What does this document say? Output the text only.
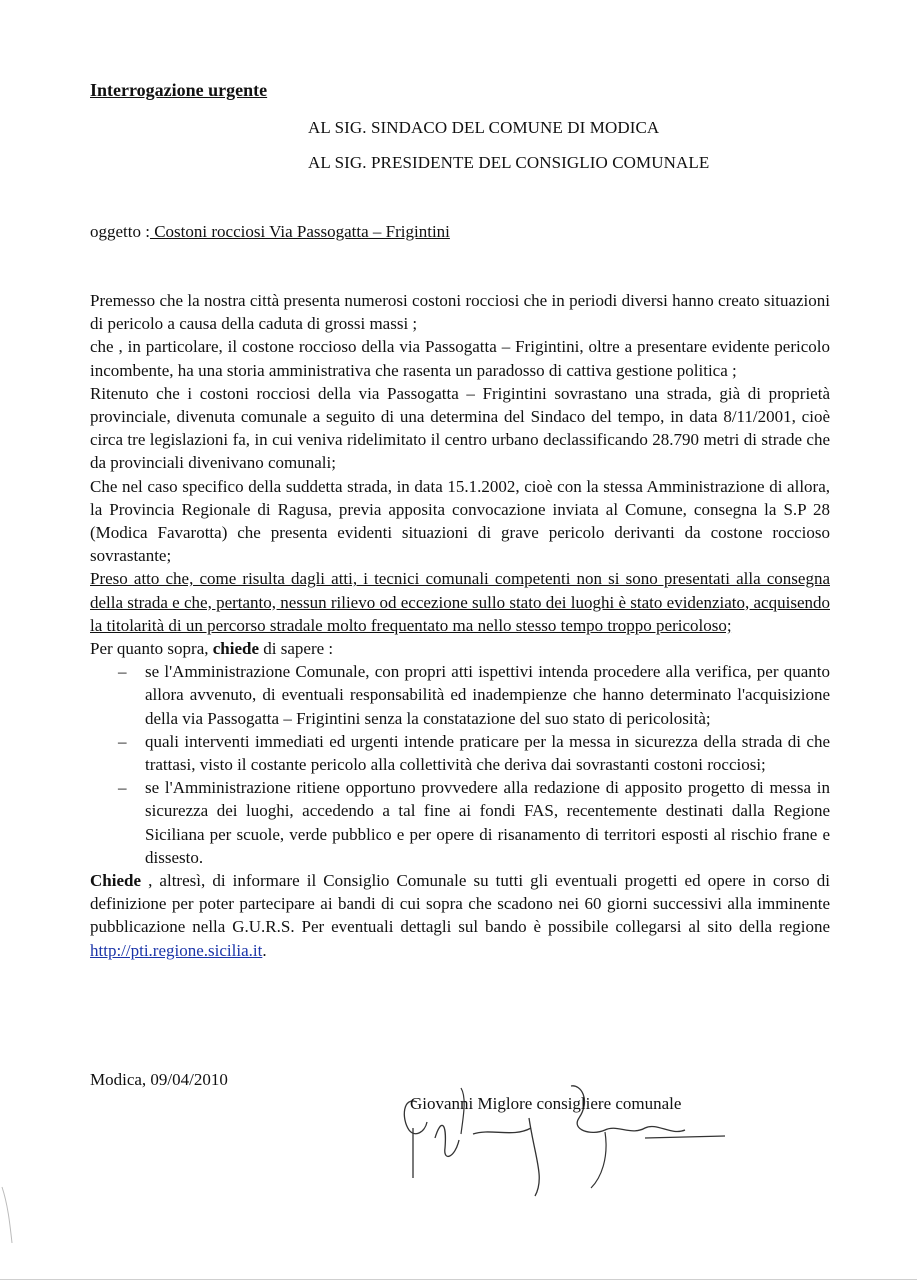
Interrogazione urgente
AL SIG. SINDACO DEL COMUNE DI MODICA
AL SIG. PRESIDENTE DEL CONSIGLIO COMUNALE
oggetto : Costoni rocciosi Via Passogatta – Frigintini

Premesso che la nostra città presenta numerosi costoni rocciosi che in periodi diversi hanno creato situazioni di pericolo a causa della caduta di grossi massi ;

che , in particolare, il costone roccioso della via Passogatta – Frigintini, oltre a presentare evidente pericolo incombente, ha una storia amministrativa che rasenta un paradosso di cattiva gestione politica ;

Ritenuto che i costoni rocciosi della via Passogatta – Frigintini sovrastano una strada, già di proprietà provinciale, divenuta comunale a seguito di una determina del Sindaco del tempo, in data 8/11/2001, cioè circa tre legislazioni fa, in cui veniva ridelimitato il centro urbano declassificando 28.790 metri di strade che da provinciali divenivano comunali;

Che nel caso specifico della suddetta strada, in data 15.1.2002, cioè con la stessa Amministrazione di allora, la Provincia Regionale di Ragusa, previa apposita convocazione inviata al Comune, consegna la S.P 28 (Modica Favarotta) che presenta evidenti situazioni di grave pericolo derivanti da costone roccioso sovrastante;

Preso atto che, come risulta dagli atti, i tecnici comunali competenti non si sono presentati alla consegna della strada e che, pertanto, nessun rilievo od eccezione sullo stato dei luoghi è stato evidenziato, acquisendo la titolarità di un percorso stradale molto frequentato ma nello stesso tempo troppo pericoloso;

Per quanto sopra, chiede di sapere :

– se l'Amministrazione Comunale, con propri atti ispettivi intenda procedere alla verifica, per quanto allora avvenuto, di eventuali responsabilità ed inadempienze che hanno determinato l'acquisizione della via Passogatta – Frigintini senza la constatazione del suo stato di pericolosità;
– quali interventi immediati ed urgenti intende praticare per la messa in sicurezza della strada di che trattasi, visto il costante pericolo alla collettività che deriva dai sovrastanti costoni rocciosi;
– se l'Amministrazione ritiene opportuno provvedere alla redazione di apposito progetto di messa in sicurezza dei luoghi, accedendo a tal fine ai fondi FAS, recentemente destinati dalla Regione Siciliana per scuole, verde pubblico e per opere di risanamento di territori esposti al rischio frane e dissesto.

Chiede , altresì, di informare il Consiglio Comunale su tutti gli eventuali progetti ed opere in corso di definizione per poter partecipare ai bandi di cui sopra che scadono nei 60 giorni successivi alla imminente pubblicazione nella G.U.R.S. Per eventuali dettagli sul bando è possibile collegarsi al sito della regione http://pti.regione.sicilia.it.

Modica, 09/04/2010
Giovanni Miglore consigliere comunale
